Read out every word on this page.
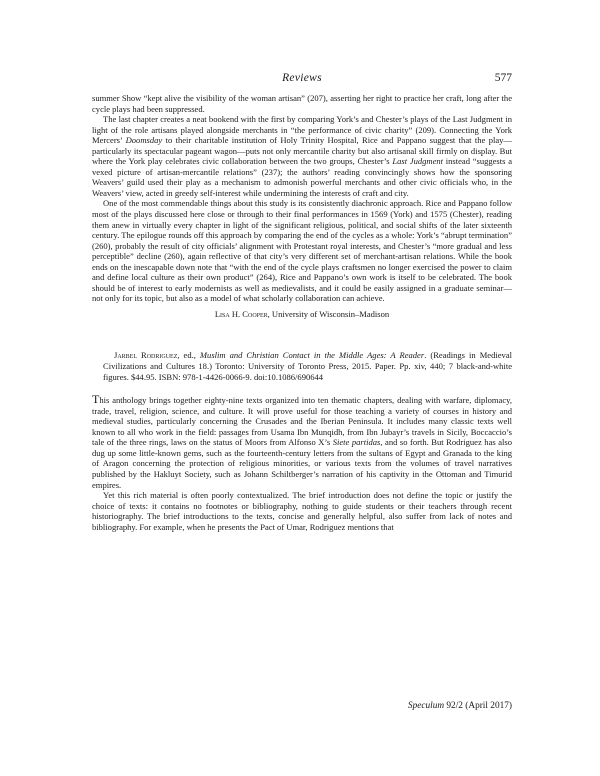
Reviews	577

summer Show “kept alive the visibility of the woman artisan” (207), asserting her right to practice her craft, long after the cycle plays had been suppressed.

The last chapter creates a neat bookend with the first by comparing York’s and Chester’s plays of the Last Judgment in light of the role artisans played alongside merchants in “the performance of civic charity” (209). Connecting the York Mercers’ Doomsday to their charitable institution of Holy Trinity Hospital, Rice and Pappano suggest that the play—particularly its spectacular pageant wagon—puts not only mercantile charity but also artisanal skill firmly on display. But where the York play celebrates civic collaboration between the two groups, Chester’s Last Judgment instead “suggests a vexed picture of artisan-mercantile relations” (237); the authors’ reading convincingly shows how the sponsoring Weavers’ guild used their play as a mechanism to admonish powerful merchants and other civic officials who, in the Weavers’ view, acted in greedy self-interest while undermining the interests of craft and city.

One of the most commendable things about this study is its consistently diachronic approach. Rice and Pappano follow most of the plays discussed here close or through to their final performances in 1569 (York) and 1575 (Chester), reading them anew in virtually every chapter in light of the significant religious, political, and social shifts of the later sixteenth century. The epilogue rounds off this approach by comparing the end of the cycles as a whole: York’s “abrupt termination” (260), probably the result of city officials’ alignment with Protestant royal interests, and Chester’s “more gradual and less perceptible” decline (260), again reflective of that city’s very different set of merchant-artisan relations. While the book ends on the inescapable down note that “with the end of the cycle plays craftsmen no longer exercised the power to claim and define local culture as their own product” (264), Rice and Pappano’s own work is itself to be celebrated. The book should be of interest to early modernists as well as medievalists, and it could be easily assigned in a graduate seminar—not only for its topic, but also as a model of what scholarly collaboration can achieve.

Lisa H. Cooper, University of Wisconsin–Madison

Jarbel Rodriguez, ed., Muslim and Christian Contact in the Middle Ages: A Reader. (Readings in Medieval Civilizations and Cultures 18.) Toronto: University of Toronto Press, 2015. Paper. Pp. xiv, 440; 7 black-and-white figures. $44.95. ISBN: 978-1-4426-0066-9. doi:10.1086/690644

This anthology brings together eighty-nine texts organized into ten thematic chapters, dealing with warfare, diplomacy, trade, travel, religion, science, and culture. It will prove useful for those teaching a variety of courses in history and medieval studies, particularly concerning the Crusades and the Iberian Peninsula. It includes many classic texts well known to all who work in the field: passages from Usama Ibn Munqidh, from Ibn Jubayr’s travels in Sicily, Boccaccio’s tale of the three rings, laws on the status of Moors from Alfonso X’s Siete partidas, and so forth. But Rodriguez has also dug up some little-known gems, such as the fourteenth-century letters from the sultans of Egypt and Granada to the king of Aragon concerning the protection of religious minorities, or various texts from the volumes of travel narratives published by the Hakluyt Society, such as Johann Schiltberger’s narration of his captivity in the Ottoman and Timurid empires.

Yet this rich material is often poorly contextualized. The brief introduction does not define the topic or justify the choice of texts: it contains no footnotes or bibliography, nothing to guide students or their teachers through recent historiography. The brief introductions to the texts, concise and generally helpful, also suffer from lack of notes and bibliography. For example, when he presents the Pact of Umar, Rodriguez mentions that

Speculum 92/2 (April 2017)
